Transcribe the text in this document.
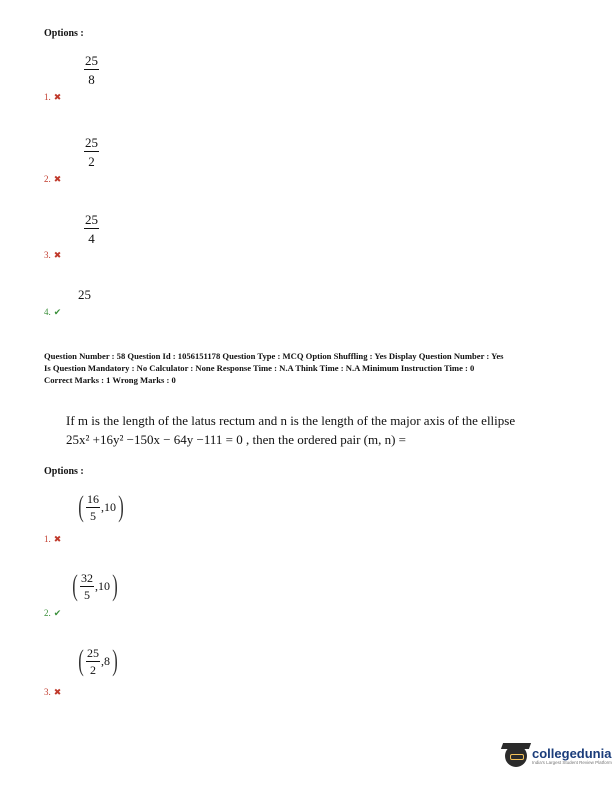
Options :
$\frac{25}{8}$
1. ✖
$\frac{25}{2}$
2. ✖
$\frac{25}{4}$
3. ✖
25
4. ✔
Question Number : 58 Question Id : 1056151178 Question Type : MCQ Option Shuffling : Yes Display Question Number : Yes
Is Question Mandatory : No Calculator : None Response Time : N.A Think Time : N.A Minimum Instruction Time : 0
Correct Marks : 1 Wrong Marks : 0
If m is the length of the latus rectum and n is the length of the major axis of the ellipse
25x² +16y² −150x − 64y −111 = 0 , then the ordered pair (m, n) =
Options :
( $\frac{16}{5} ,10$ )
1. ✖
( $\frac{32}{5} ,10$ )
2. ✔
( $\frac{25}{2} ,8$ )
3. ✖
collegedunia
India's Largest Student Review Platform
